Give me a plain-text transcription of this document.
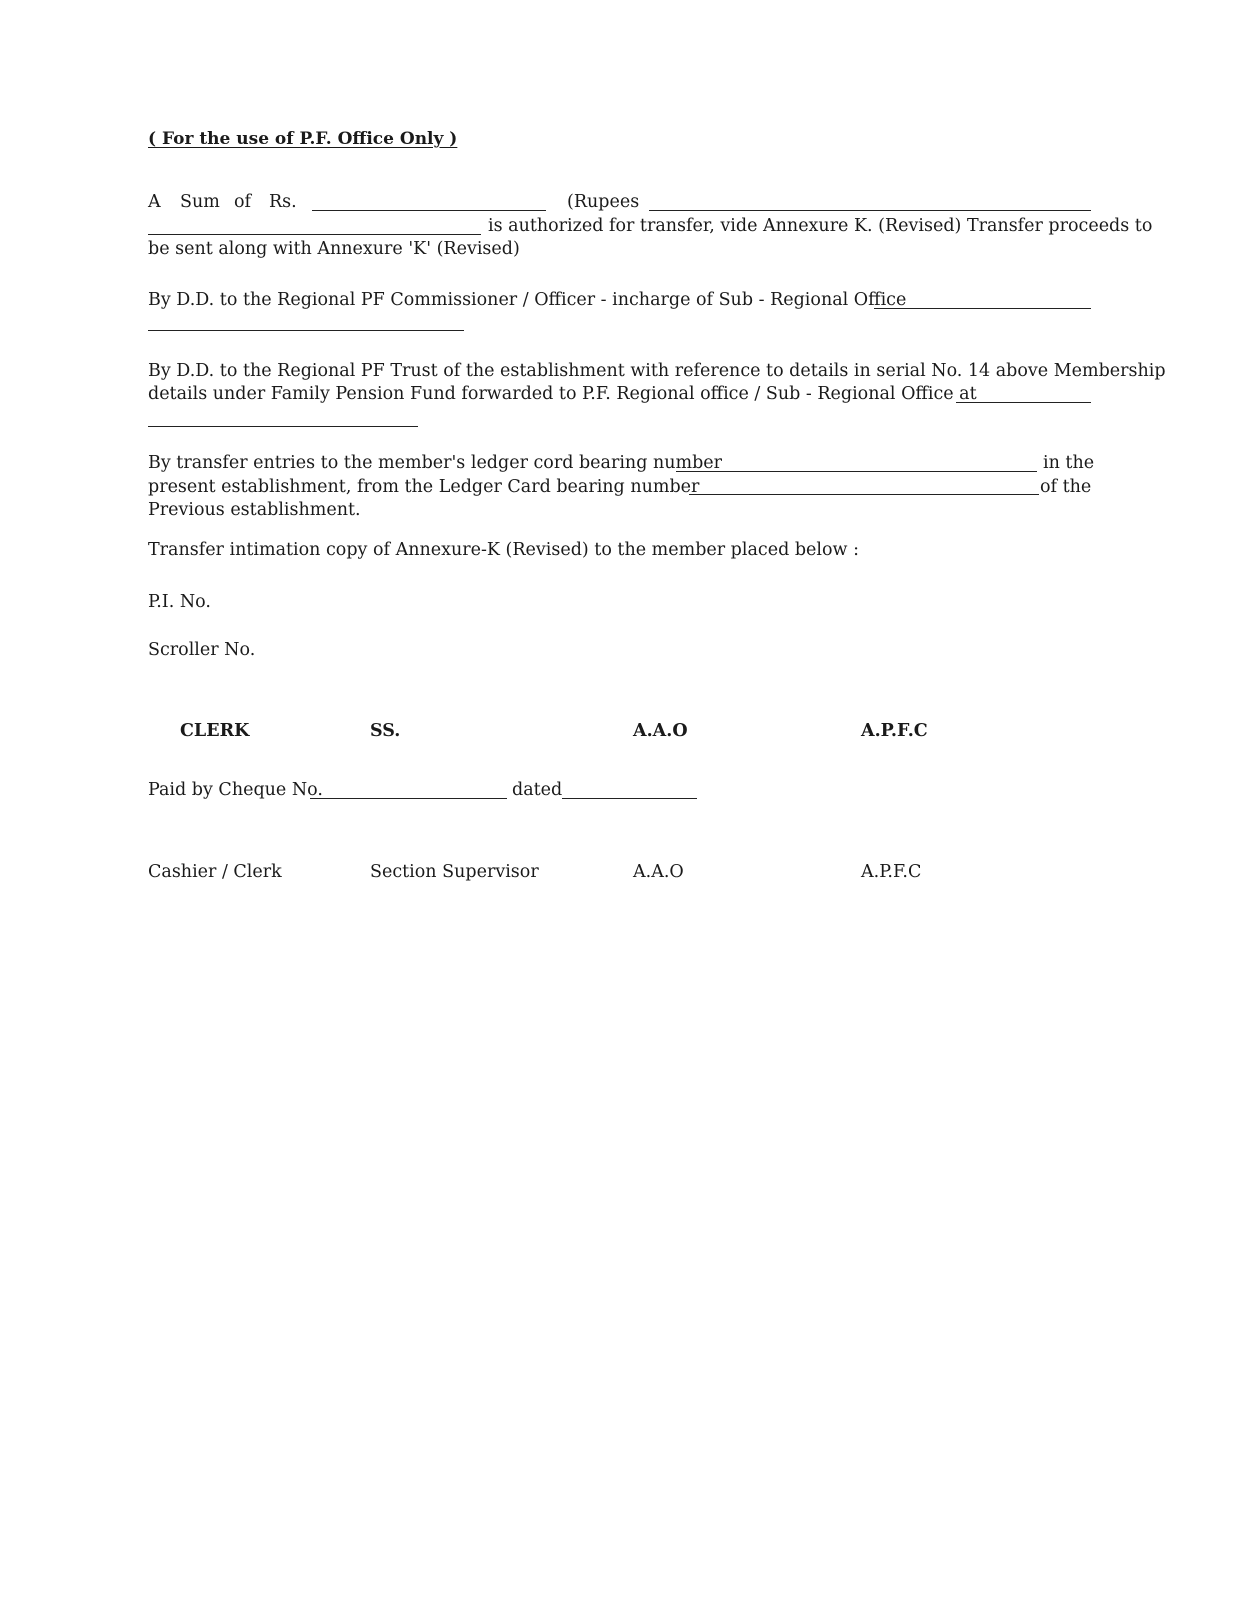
( For the use of P.F. Office Only )
A Sum of Rs.	(Rupees
is authorized for transfer, vide Annexure K. (Revised) Transfer proceeds to
be sent along with Annexure 'K' (Revised)
By D.D. to the Regional PF Commissioner / Officer - incharge of Sub - Regional Office
By D.D. to the Regional PF Trust of the establishment with reference to details in serial No. 14 above Membership
details under Family Pension Fund forwarded to P.F. Regional office / Sub - Regional Office at
By transfer entries to the member's ledger cord bearing number	in the
present establishment, from the Ledger Card bearing number	of the
Previous establishment.
Transfer intimation copy of Annexure-K (Revised) to the member placed below :
P.I. No.
Scroller No.
CLERK	SS.	A.A.O	A.P.F.C
Paid by Cheque No.	dated
Cashier / Clerk	Section Supervisor	A.A.O	A.P.F.C
